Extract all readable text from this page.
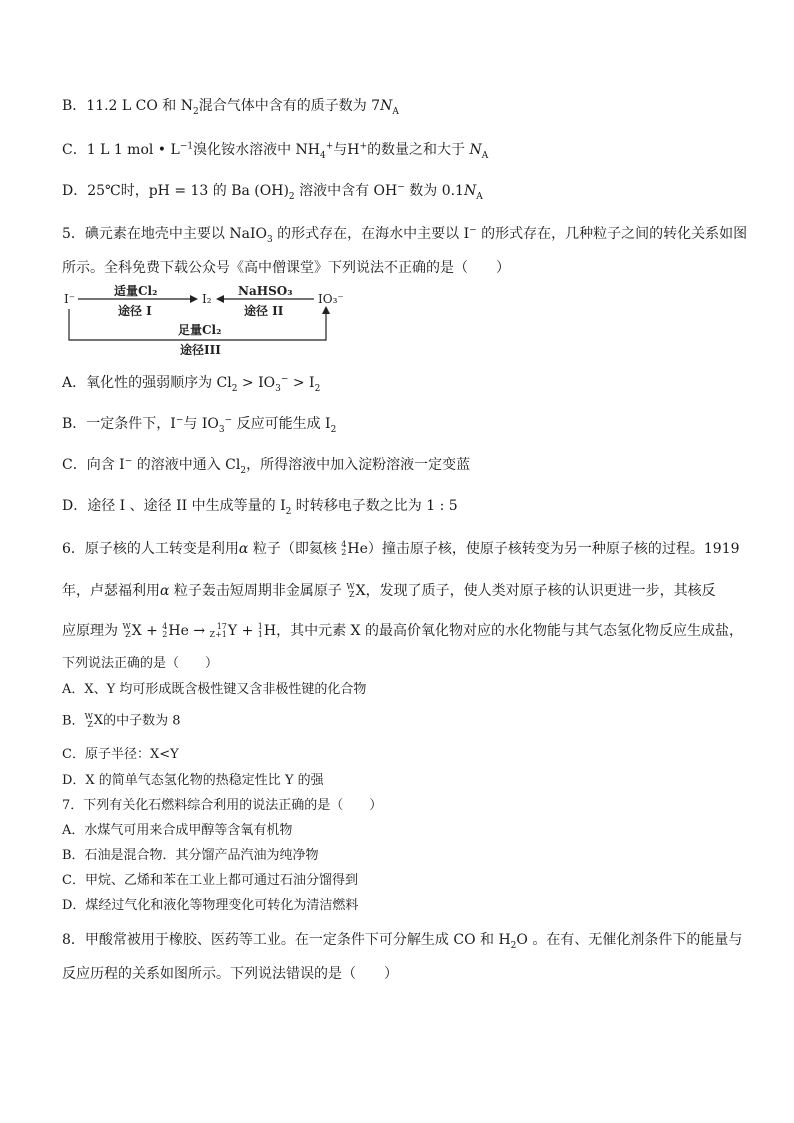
B．11.2 L CO 和 $N_2$混合气体中含有的质子数为 $7N_A$
C．1 L 1 mol • $L^{-1}$溴化铵水溶液中 $NH_4^+$与H+的数量之和大于 $N_A$
D．25℃时，pH = 13 的 Ba $(OH)_2$ 溶液中含有 OH− 数为 $0.1N_A$
5．碘元素在地壳中主要以 NaIO$_3$ 的形式存在，在海水中主要以 I− 的形式存在，几种粒子之间的转化关系如图
所示。全科免费下载公众号《高中僧课堂》下列说法不正确的是（　　）
I⁻
适量Cl₂
途径 I
I₂
NaHSO₃
途径 II
IO₃⁻
足量Cl₂
途径III
A．氧化性的强弱顺序为 $Cl_2 > IO_3^- > I_2$
B．一定条件下，I−与 $IO_3^-$ 反应可能生成 $I_2$
C．向含 I− 的溶液中通入 $Cl_2$，所得溶液中加入淀粉溶液一定变蓝
D．途径 I 、途径 II 中生成等量的 $I_2$ 时转移电子数之比为 1 : 5
6．原子核的人工转变是利用α 粒子（即氦核 4
2 He ）撞击原子核，使原子核转变为另一种原子核的过程。1919
年，卢瑟福利用α 粒子轰击短周期非金属原子 W
Z X ，发现了质子，使人类对原子核的认识更进一步，其核反
应原理为 W
Z X + 4
2 He → 17
Z+1 Y + 1
1 H ，其中元素 X 的最高价氧化物对应的水化物能与其气态氢化物反应生成盐，
下列说法正确的是（　　）
A．X、Y 均可形成既含极性键又含非极性键的化合物
B． W
Z X 的中子数为 8
C．原子半径：X<Y
D．X 的简单气态氢化物的热稳定性比 Y 的强
7．下列有关化石燃料综合利用的说法正确的是（　　）
A．水煤气可用来合成甲醇等含氧有机物
B．石油是混合物．其分馏产品汽油为纯净物
C．甲烷、乙烯和苯在工业上都可通过石油分馏得到
D．煤经过气化和液化等物理变化可转化为清洁燃料
8．甲酸常被用于橡胶、医药等工业。在一定条件下可分解生成 CO 和 $H_2O$ 。在有、无催化剂条件下的能量与
反应历程的关系如图所示。下列说法错误的是（　　）
